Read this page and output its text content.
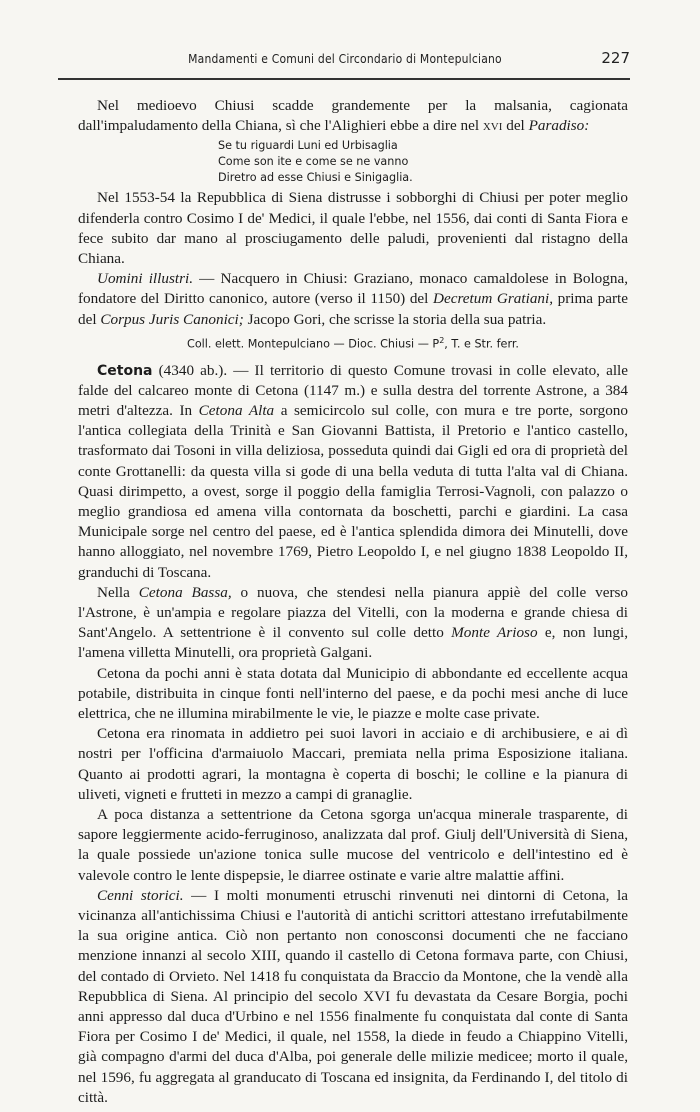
Mandamenti e Comuni del Circondario di Montepulciano	227

Nel medioevo Chiusi scadde grandemente per la malsania, cagionata dall'impaludamento della Chiana, sì che l'Alighieri ebbe a dire nel xvi del Paradiso:

Se tu riguardi Luni ed Urbisaglia
Come son ite e come se ne vanno
Diretro ad esse Chiusi e Sinigaglia.

Nel 1553-54 la Repubblica di Siena distrusse i sobborghi di Chiusi per poter meglio difenderla contro Cosimo I de' Medici, il quale l'ebbe, nel 1556, dai conti di Santa Fiora e fece subito dar mano al prosciugamento delle paludi, provenienti dal ristagno della Chiana.

Uomini illustri. — Nacquero in Chiusi: Graziano, monaco camaldolese in Bologna, fondatore del Diritto canonico, autore (verso il 1150) del Decretum Gratiani, prima parte del Corpus Juris Canonici; Jacopo Gori, che scrisse la storia della sua patria.

Coll. elett. Montepulciano — Dioc. Chiusi — $P^2$, T. e Str. ferr.

Cetona (4340 ab.). — Il territorio di questo Comune trovasi in colle elevato, alle falde del calcareo monte di Cetona (1147 m.) e sulla destra del torrente Astrone, a 384 metri d'altezza. In Cetona Alta a semicircolo sul colle, con mura e tre porte, sorgono l'antica collegiata della Trinità e San Giovanni Battista, il Pretorio e l'antico castello, trasformato dai Tosoni in villa deliziosa, posseduta quindi dai Gigli ed ora di proprietà del conte Grottanelli: da questa villa si gode di una bella veduta di tutta l'alta val di Chiana. Quasi dirimpetto, a ovest, sorge il poggio della famiglia Terrosi-Vagnoli, con palazzo o meglio grandiosa ed amena villa contornata da boschetti, parchi e giardini. La casa Municipale sorge nel centro del paese, ed è l'antica splendida dimora dei Minutelli, dove hanno alloggiato, nel novembre 1769, Pietro Leopoldo I, e nel giugno 1838 Leopoldo II, granduchi di Toscana.

Nella Cetona Bassa, o nuova, che stendesi nella pianura appiè del colle verso l'Astrone, è un'ampia e regolare piazza del Vitelli, con la moderna e grande chiesa di Sant'Angelo. A settentrione è il convento sul colle detto Monte Arioso e, non lungi, l'amena villetta Minutelli, ora proprietà Galgani.

Cetona da pochi anni è stata dotata dal Municipio di abbondante ed eccellente acqua potabile, distribuita in cinque fonti nell'interno del paese, e da pochi mesi anche di luce elettrica, che ne illumina mirabilmente le vie, le piazze e molte case private.

Cetona era rinomata in addietro pei suoi lavori in acciaio e di archibusiere, e ai dì nostri per l'officina d'armaiuolo Maccari, premiata nella prima Esposizione italiana. Quanto ai prodotti agrari, la montagna è coperta di boschi; le colline e la pianura di uliveti, vigneti e frutteti in mezzo a campi di granaglie.

A poca distanza a settentrione da Cetona sgorga un'acqua minerale trasparente, di sapore leggiermente acido-ferruginoso, analizzata dal prof. Giulj dell'Università di Siena, la quale possiede un'azione tonica sulle mucose del ventricolo e dell'intestino ed è valevole contro le lente dispepsie, le diarree ostinate e varie altre malattie affini.

Cenni storici. — I molti monumenti etruschi rinvenuti nei dintorni di Cetona, la vicinanza all'antichissima Chiusi e l'autorità di antichi scrittori attestano irrefutabilmente la sua origine antica. Ciò non pertanto non conosconsi documenti che ne facciano menzione innanzi al secolo XIII, quando il castello di Cetona formava parte, con Chiusi, del contado di Orvieto. Nel 1418 fu conquistata da Braccio da Montone, che la vendè alla Repubblica di Siena. Al principio del secolo XVI fu devastata da Cesare Borgia, pochi anni appresso dal duca d'Urbino e nel 1556 finalmente fu conquistata dal conte di Santa Fiora per Cosimo I de' Medici, il quale, nel 1558, la diede in feudo a Chiappino Vitelli, già compagno d'armi del duca d'Alba, poi generale delle milizie medicee; morto il quale, nel 1596, fu aggregata al granducato di Toscana ed insignita, da Ferdinando I, del titolo di città.
